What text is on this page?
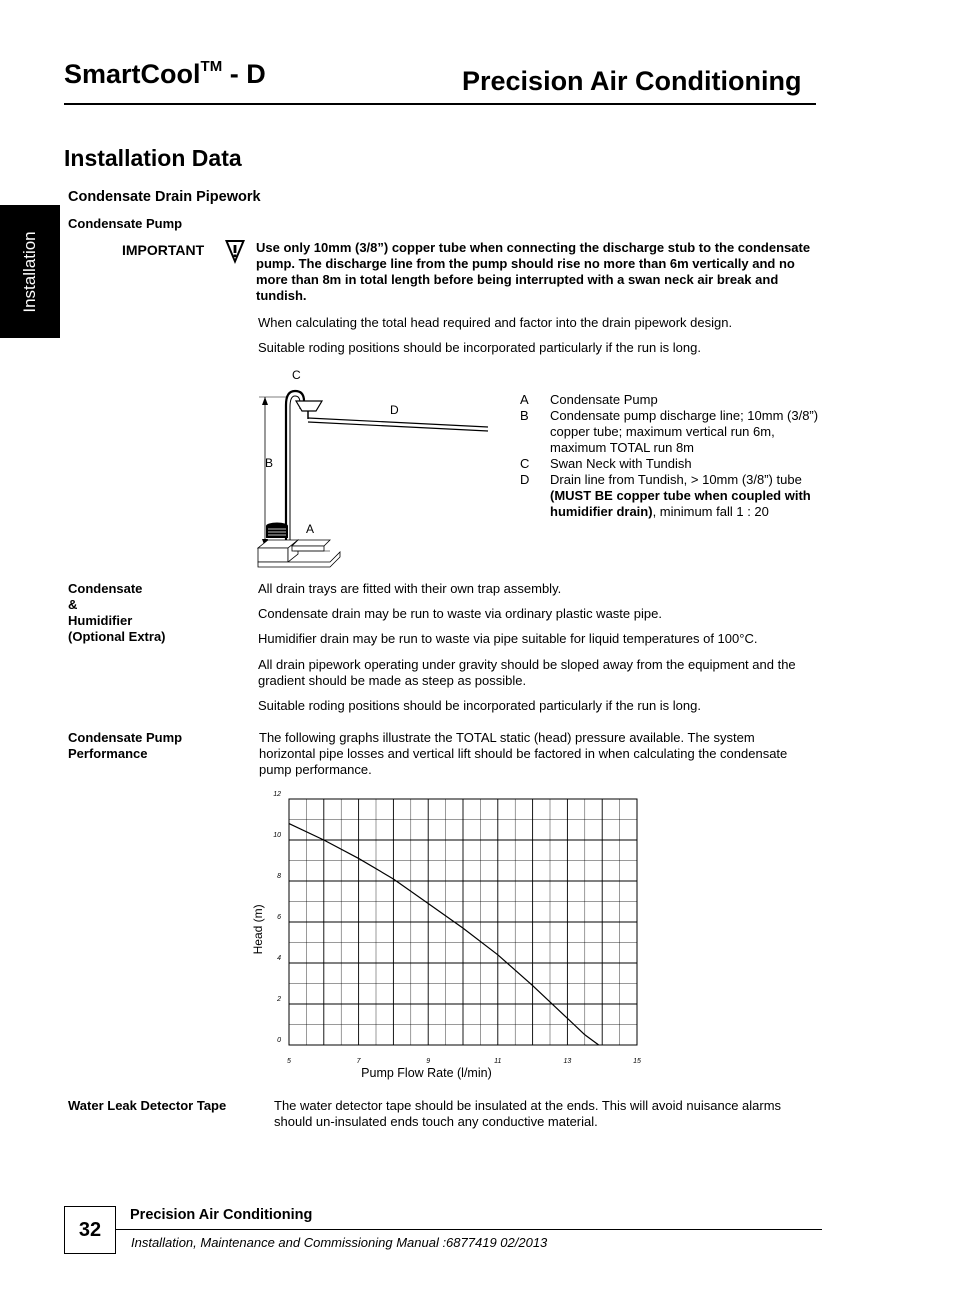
SmartCool™ - D	Precision Air Conditioning
Installation Data
Installation
Condensate Drain Pipework
Condensate Pump
IMPORTANT	Use only 10mm (3/8”) copper tube when connecting the discharge stub to the condensate pump. The discharge line from the pump should rise no more than 6m vertically and no more than 8m in total length before being interrupted with a swan neck air break and tundish.
When calculating the total head required and factor into the drain pipework design.
Suitable roding positions should be incorporated particularly if the run is long.
C
D
B
A
A	Condensate Pump
B	Condensate pump discharge line; 10mm (3/8”) copper tube; maximum vertical run 6m, maximum TOTAL run 8m
C	Swan Neck with Tundish
D	Drain line from Tundish, > 10mm (3/8”) tube (MUST BE copper tube when coupled with humidifier drain), minimum fall 1 : 20
Condensate
&
Humidifier
(Optional Extra)
All drain trays are fitted with their own trap assembly.
Condensate drain may be run to waste via ordinary plastic waste pipe.
Humidifier drain may be run to waste via pipe suitable for liquid temperatures of 100°C.
All drain pipework operating under gravity should be sloped away from the equipment and the gradient should be made as steep as possible.
Suitable roding positions should be incorporated particularly if the run is long.
Condensate Pump
Performance
The following graphs illustrate the TOTAL static (head) pressure available. The system horizontal pipe losses and vertical lift should be factored in when calculating the condensate pump performance.
0
2
4
6
8
10
12
5	7	9	11	13	15
Pump Flow Rate (l/min)
Head (m)
Water Leak Detector Tape	The water detector tape should be insulated at the ends. This will avoid nuisance alarms should un-insulated ends touch any conductive material.
32
Precision Air Conditioning
Installation, Maintenance and Commissioning Manual :6877419 02/2013
